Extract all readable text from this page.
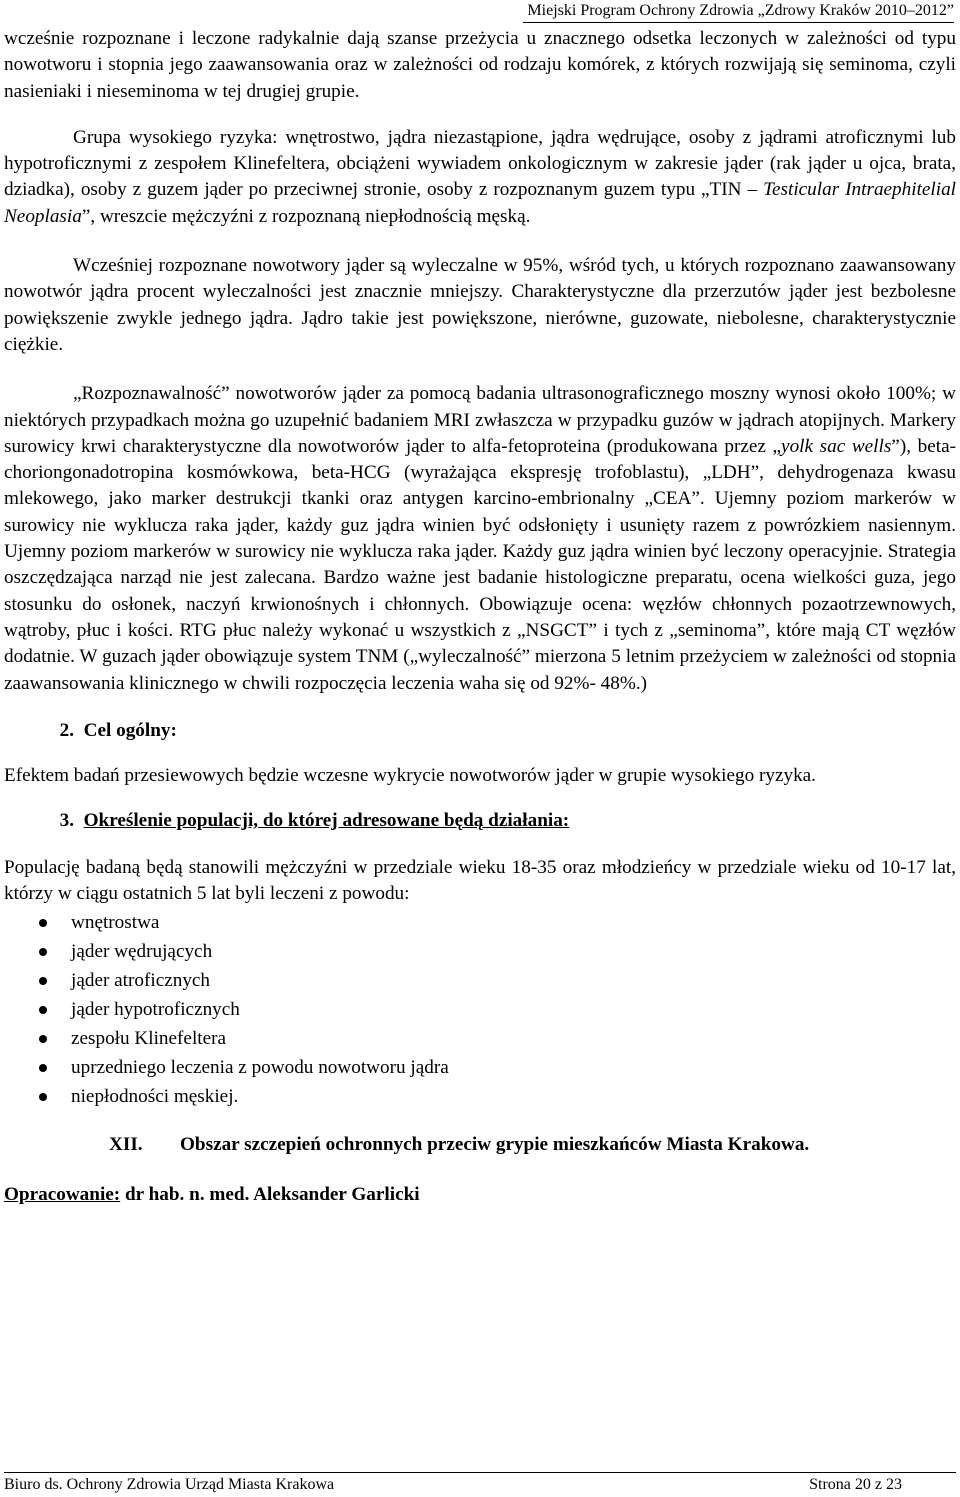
Miejski Program Ochrony Zdrowia „Zdrowy Kraków 2010–2012”

wcześnie rozpoznane i leczone radykalnie dają szanse przeżycia u znacznego odsetka leczonych w zależności od typu nowotworu i stopnia jego zaawansowania oraz w zależności od rodzaju komórek, z których rozwijają się seminoma, czyli nasieniaki i nieseminoma w tej drugiej grupie.

Grupa wysokiego ryzyka: wnętrostwo, jądra niezastąpione, jądra wędrujące, osoby z jądrami atroficznymi lub hypotroficznymi z zespołem Klinefeltera, obciążeni wywiadem onkologicznym w zakresie jąder (rak jąder u ojca, brata, dziadka), osoby z guzem jąder po przeciwnej stronie, osoby z rozpoznanym guzem typu „TIN – Testicular Intraephitelial Neoplasia”, wreszcie mężczyźni z rozpoznaną niepłodnością męską.

Wcześniej rozpoznane nowotwory jąder są wyleczalne w 95%, wśród tych, u których rozpoznano zaawansowany nowotwór jądra procent wyleczalności jest znacznie mniejszy. Charakterystyczne dla przerzutów jąder jest bezbolesne powiększenie zwykle jednego jądra. Jądro takie jest powiększone, nierówne, guzowate, niebolesne, charakterystycznie ciężkie.

„Rozpoznawalność” nowotworów jąder za pomocą badania ultrasonograficznego moszny wynosi około 100%; w niektórych przypadkach można go uzupełnić badaniem MRI zwłaszcza w przypadku guzów w jądrach atopijnych. Markery surowicy krwi charakterystyczne dla nowotworów jąder to alfa-fetoproteina (produkowana przez „yolk sac wells”), beta-choriongonadotropina kosmówkowa, beta-HCG (wyrażająca ekspresję trofoblastu), „LDH”, dehydrogenaza kwasu mlekowego, jako marker destrukcji tkanki oraz antygen karcino-embrionalny „CEA”. Ujemny poziom markerów w surowicy nie wyklucza raka jąder, każdy guz jądra winien być odsłonięty i usunięty razem z powrózkiem nasiennym. Ujemny poziom markerów w surowicy nie wyklucza raka jąder. Każdy guz jądra winien być leczony operacyjnie. Strategia oszczędzająca narząd nie jest zalecana. Bardzo ważne jest badanie histologiczne preparatu, ocena wielkości guza, jego stosunku do osłonek, naczyń krwionośnych i chłonnych. Obowiązuje ocena: węzłów chłonnych pozaotrzewnowych, wątroby, płuc i kości. RTG płuc należy wykonać u wszystkich z „NSGCT” i tych z „seminoma”, które mają CT węzłów dodatnie. W guzach jąder obowiązuje system TNM („wyleczalność” mierzona 5 letnim przeżyciem w zależności od stopnia zaawansowania klinicznego w chwili rozpoczęcia leczenia waha się od 92%- 48%.)

2. Cel ogólny:

Efektem badań przesiewowych będzie wczesne wykrycie nowotworów jąder w grupie wysokiego ryzyka.

3. Określenie populacji, do której adresowane będą działania:

Populację badaną będą stanowili mężczyźni w przedziale wieku 18-35 oraz młodzieńcy w przedziale wieku od 10-17 lat, którzy w ciągu ostatnich 5 lat byli leczeni z powodu:

wnętrostwa
jąder wędrujących
jąder atroficznych
jąder hypotroficznych
zespołu Klinefeltera
uprzedniego leczenia z powodu nowotworu jądra
niepłodności męskiej.
XII.	Obszar szczepień ochronnych przeciw grypie mieszkańców Miasta Krakowa.
Opracowanie: dr hab. n. med. Aleksander Garlicki
Biuro ds. Ochrony Zdrowia Urząd Miasta Krakowa	Strona 20 z 23
